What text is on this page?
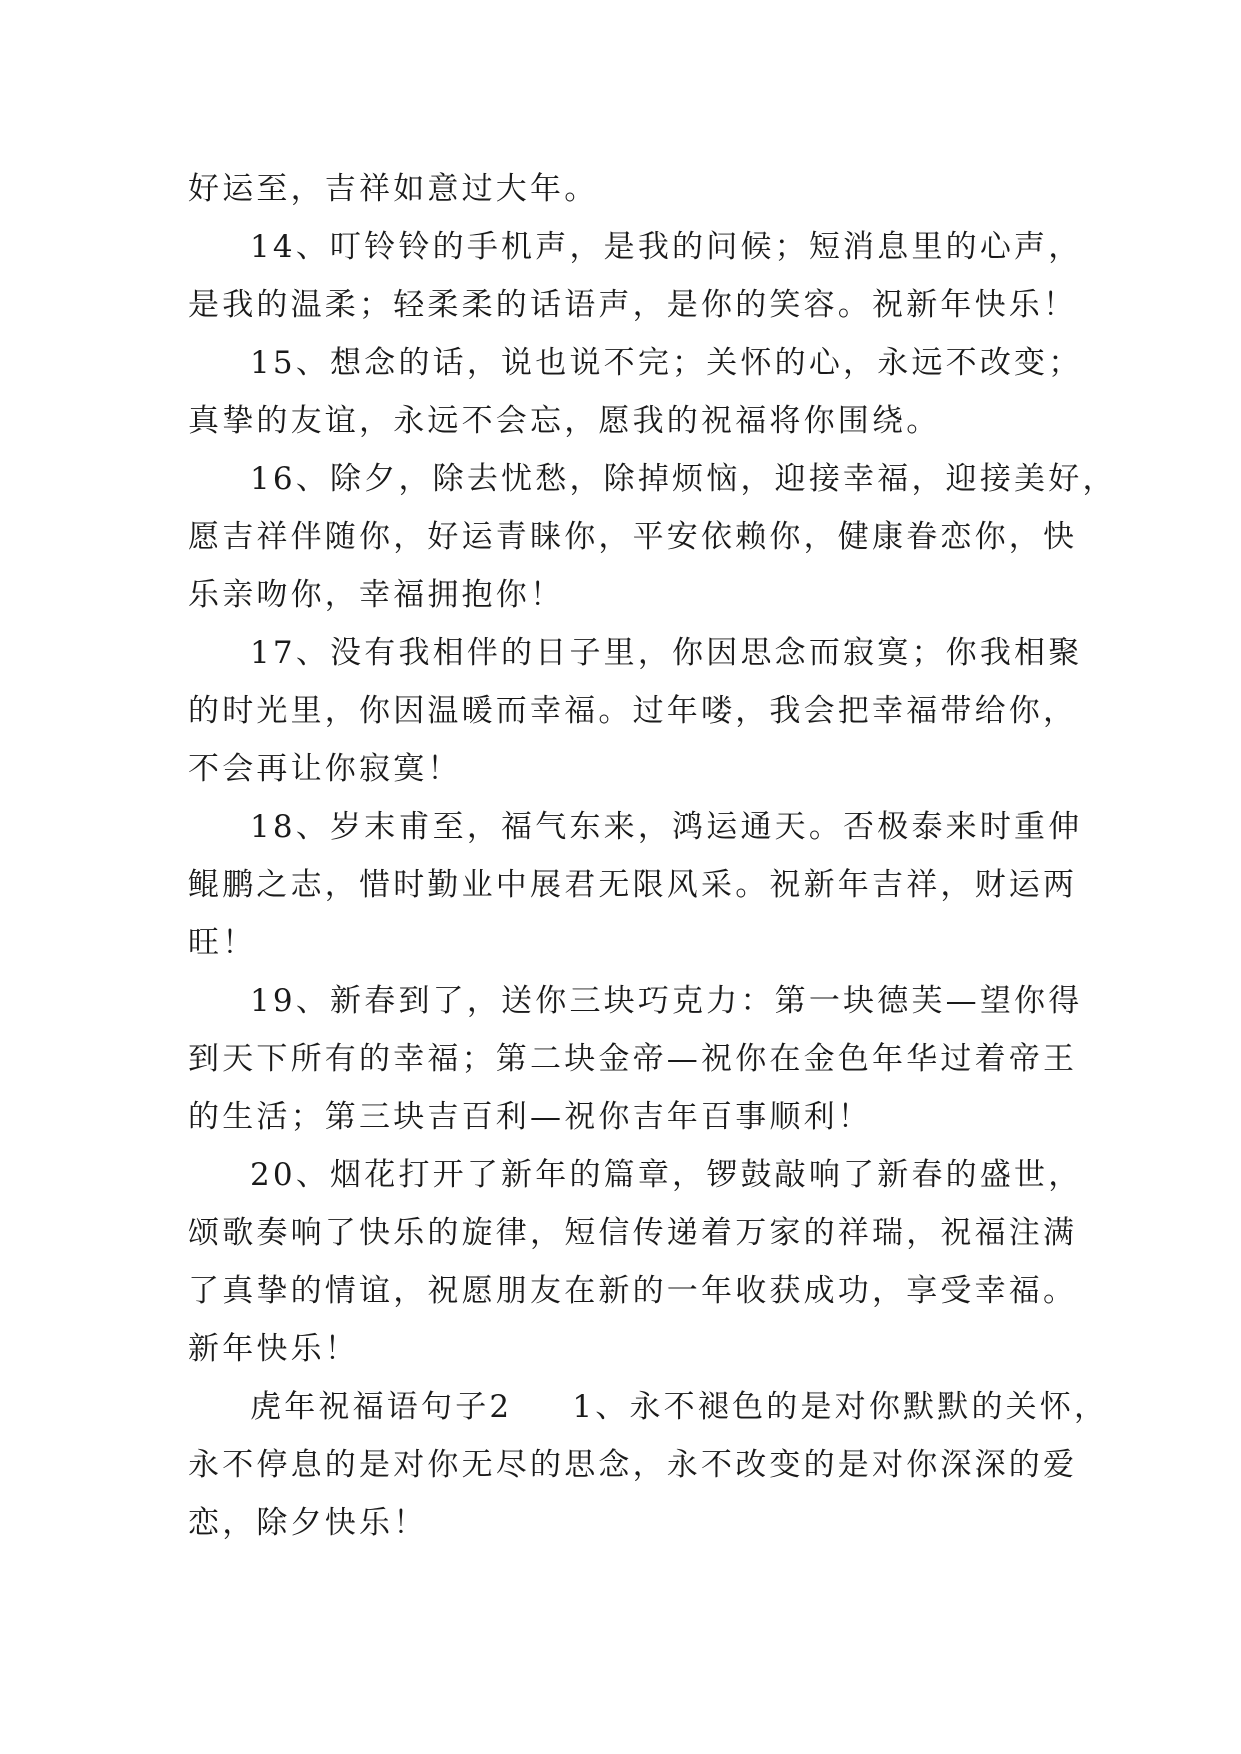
好运至，吉祥如意过大年。
14、叮铃铃的手机声，是我的问候；短消息里的心声，
是我的温柔；轻柔柔的话语声，是你的笑容。祝新年快乐！
15、想念的话，说也说不完；关怀的心，永远不改变；
真挚的友谊，永远不会忘，愿我的祝福将你围绕。
16、除夕，除去忧愁，除掉烦恼，迎接幸福，迎接美好，
愿吉祥伴随你，好运青睐你，平安依赖你，健康眷恋你，快
乐亲吻你，幸福拥抱你！
17、没有我相伴的日子里，你因思念而寂寞；你我相聚
的时光里，你因温暖而幸福。过年喽，我会把幸福带给你，
不会再让你寂寞！
18、岁末甫至，福气东来，鸿运通天。否极泰来时重伸
鲲鹏之志，惜时勤业中展君无限风采。祝新年吉祥，财运两
旺！
19、新春到了，送你三块巧克力：第一块德芙—望你得
到天下所有的幸福；第二块金帝—祝你在金色年华过着帝王
的生活；第三块吉百利—祝你吉年百事顺利！
20、烟花打开了新年的篇章，锣鼓敲响了新春的盛世，
颂歌奏响了快乐的旋律，短信传递着万家的祥瑞，祝福注满
了真挚的情谊，祝愿朋友在新的一年收获成功，享受幸福。
新年快乐！
虎年祝福语句子2 1、永不褪色的是对你默默的关怀，
永不停息的是对你无尽的思念，永不改变的是对你深深的爱
恋，除夕快乐！
